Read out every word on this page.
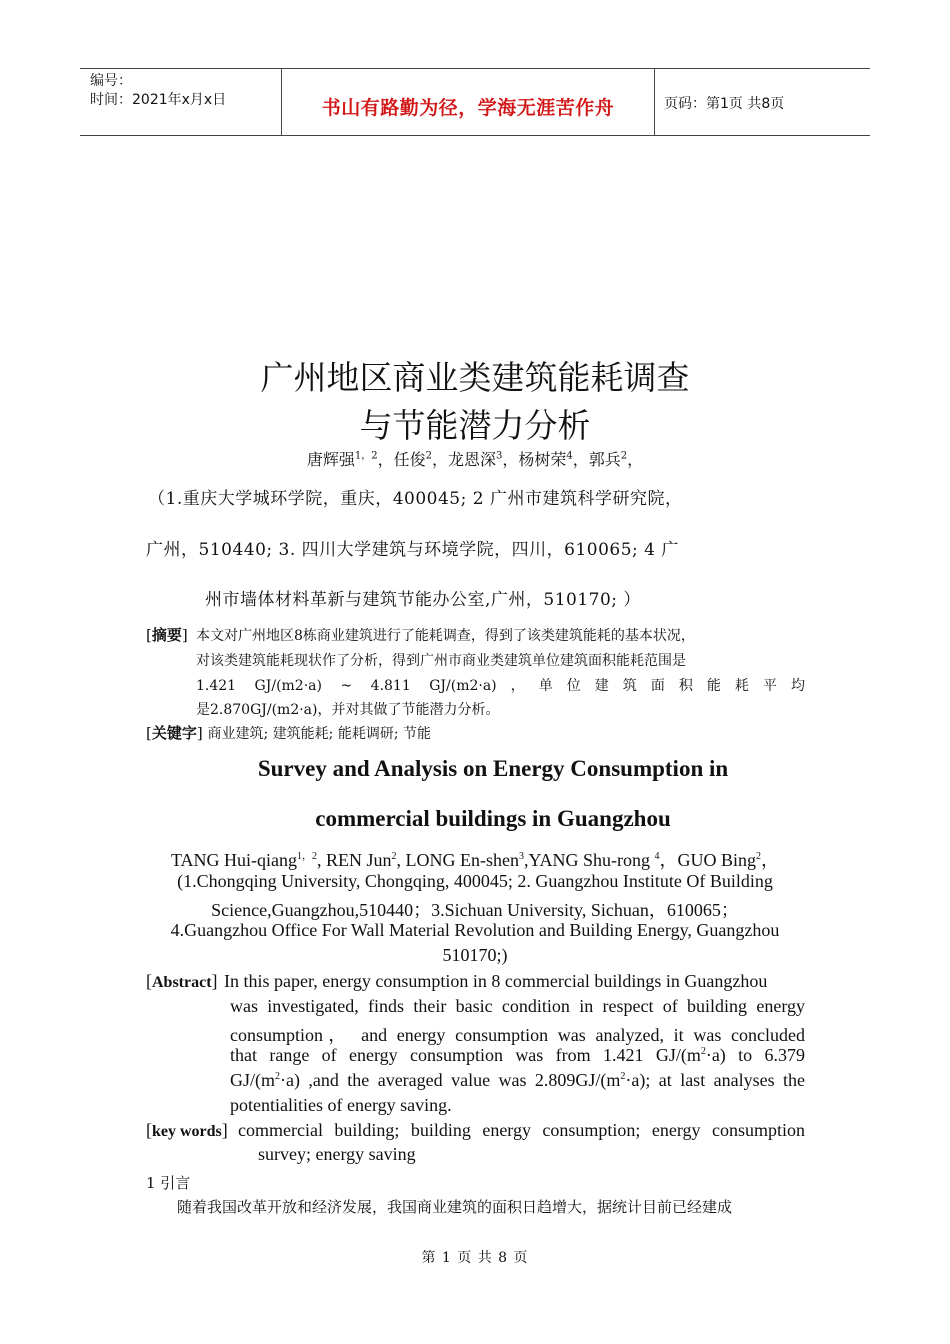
编号：
时间：2021年x月x日	书山有路勤为径，学海无涯苦作舟	页码：第1页 共8页
广州地区商业类建筑能耗调查
与节能潜力分析
唐辉强$^{1,2}$，任俊$^2$，龙恩深$^3$，杨树荣$^4$，郭兵$^2$，
（1.重庆大学城环学院，重庆，400045; 2 广州市建筑科学研究院，
广州，510440; 3. 四川大学建筑与环境学院，四川，610065; 4 广
州市墙体材料革新与建筑节能办公室,广州，510170; ）
[摘要] 本文对广州地区8栋商业建筑进行了能耗调查，得到了该类建筑能耗的基本状况，
对该类建筑能耗现状作了分析，得到广州市商业类建筑单位建筑面积能耗范围是
1.421 GJ/(m2·a) ~ 4.811 GJ/(m2·a)，单位建筑面积能耗平均
是2.870GJ/(m2·a)，并对其做了节能潜力分析。
[关键字] 商业建筑; 建筑能耗; 能耗调研; 节能
Survey and Analysis on Energy Consumption in
commercial buildings in Guangzhou
TANG Hui-qiang$^{1,2}$, REN Jun$^2$, LONG En-shen$^3$,YANG Shu-rong $^4$，GUO Bing$^2$，
(1.Chongqing University, Chongqing, 400045; 2. Guangzhou Institute Of Building
Science,Guangzhou,510440；3.Sichuan University, Sichuan，610065；
4.Guangzhou Office For Wall Material Revolution and Building Energy, Guangzhou
510170;)
[Abstract] In this paper, energy consumption in 8 commercial buildings in Guangzhou
was investigated, finds their basic condition in respect of building energy
consumption， and energy consumption was analyzed, it was concluded
that range of energy consumption was from 1.421 $GJ/(m^2\cdot a)$ to 6.379
$GJ/(m^2\cdot a)$ ,and the averaged value was $2.809GJ/(m^2\cdot a)$; at last analyses the
potentialities of energy saving.
[key words] commercial building; building energy consumption; energy consumption
survey; energy saving
1 引言
随着我国改革开放和经济发展，我国商业建筑的面积日趋增大，据统计目前已经建成
第 1 页 共 8 页
